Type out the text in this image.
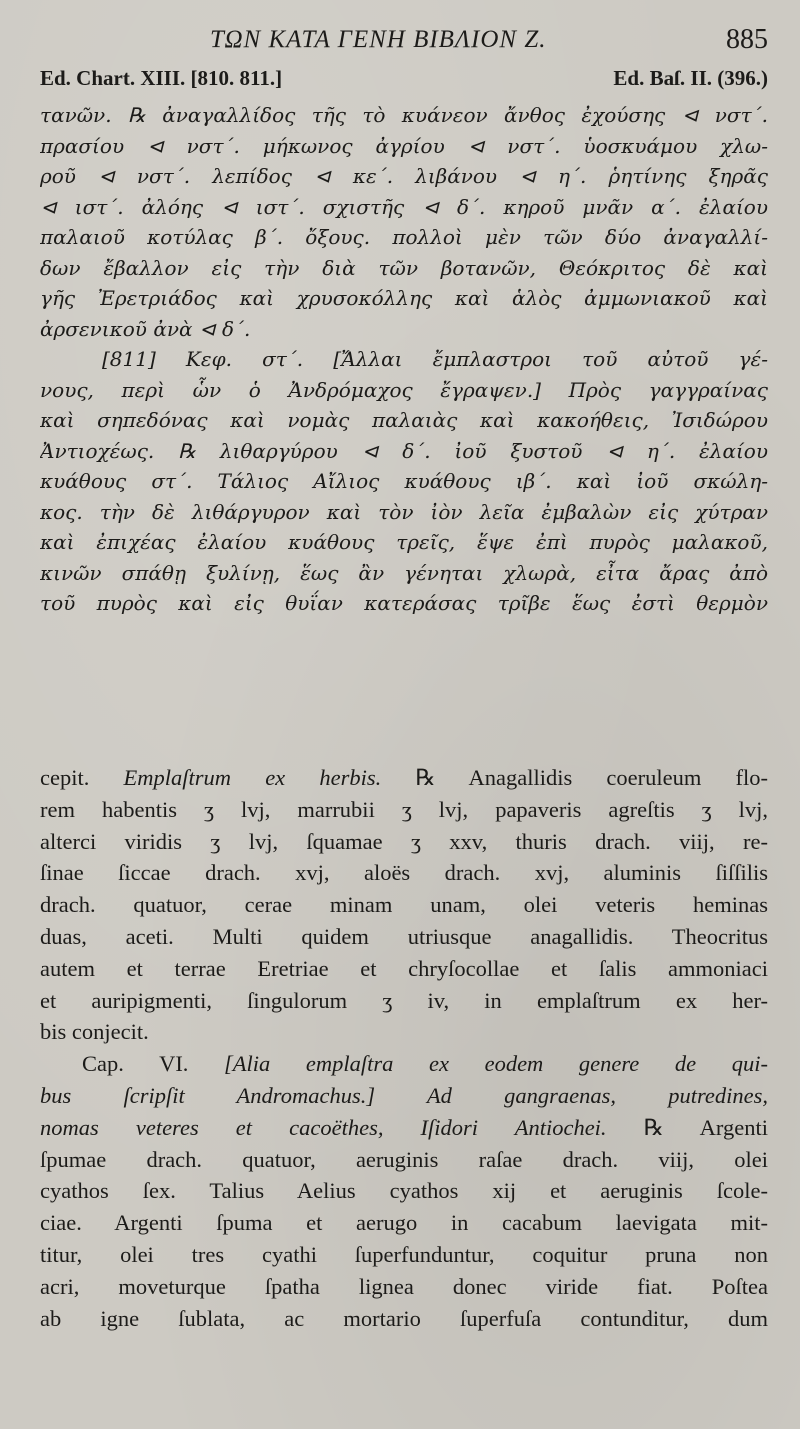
ΤΩΝ ΚΑΤΑ ΓΕΝΗ ΒΙΒΛΙΟΝ Ζ.	885
Ed. Chart. XIII. [810. 811.]	Ed. Baſ. II. (396.)
τανῶν. ℞ ἀναγαλλίδος τῆς τὸ κυάνεον ἄνθος ἐχούσης ⊲ νστ΄.
πρασίου ⊲ νστ΄. μήκωνος ἀγρίου ⊲ νστ΄. ὑοσκυάμου χλω-
ροῦ ⊲ νστ΄. λεπίδος ⊲ κε΄. λιβάνου ⊲ η΄. ῥητίνης ξηρᾶς
⊲ ιστ΄. ἀλόης ⊲ ιστ΄. σχιστῆς ⊲ δ΄. κηροῦ μνᾶν α΄. ἐλαίου
παλαιοῦ κοτύλας β΄. ὄξους. πολλοὶ μὲν τῶν δύο ἀναγαλλί-
δων ἔβαλλον εἰς τὴν διὰ τῶν βοτανῶν, Θεόκριτος δὲ καὶ
γῆς Ἐρετριάδος καὶ χρυσοκόλλης καὶ ἁλὸς ἀμμωνιακοῦ καὶ
ἀρσενικοῦ ἀνὰ ⊲ δ΄.
[811] Κεφ. στ΄. [Ἄλλαι ἔμπλαστροι τοῦ αὐτοῦ γέ-
νους, περὶ ὧν ὁ Ἀνδρόμαχος ἔγραψεν.] Πρὸς γαγγραίνας
καὶ σηπεδόνας καὶ νομὰς παλαιὰς καὶ κακοήθεις, Ἰσιδώρου
Ἀντιοχέως. ℞ λιθαργύρου ⊲ δ΄. ἰοῦ ξυστοῦ ⊲ η΄. ἐλαίου
κυάθους στ΄. Τάλιος Αἴλιος κυάθους ιβ΄. καὶ ἰοῦ σκώλη-
κος. τὴν δὲ λιθάργυρον καὶ τὸν ἰὸν λεῖα ἐμβαλὼν εἰς χύτραν
καὶ ἐπιχέας ἐλαίου κυάθους τρεῖς, ἕψε ἐπὶ πυρὸς μαλακοῦ,
κινῶν σπάθῃ ξυλίνῃ, ἕως ἂν γένηται χλωρὰ, εἶτα ἄρας ἀπὸ
τοῦ πυρὸς καὶ εἰς θυΐαν κατεράσας τρῖβε ἕως ἐστὶ θερμὸν
cepit. Emplaſtrum ex herbis. ℞ Anagallidis coeruleum flo-
rem habentis ʒ lvj, marrubii ʒ lvj, papaveris agreſtis ʒ lvj,
alterci viridis ʒ lvj, ſquamae ʒ xxv, thuris drach. viij, re-
ſinae ſiccae drach. xvj, aloës drach. xvj, aluminis ſiſſilis
drach. quatuor, cerae minam unam, olei veteris heminas
duas, aceti. Multi quidem utriusque anagallidis. Theocritus
autem et terrae Eretriae et chryſocollae et ſalis ammoniaci
et auripigmenti, ſingulorum ʒ iv, in emplaſtrum ex her-
bis conjecit.
Cap. VI. [Alia emplaſtra ex eodem genere de qui-
bus ſcripſit Andromachus.] Ad gangraenas, putredines,
nomas veteres et cacoëthes, Iſidori Antiochei. ℞ Argenti
ſpumae drach. quatuor, aeruginis raſae drach. viij, olei
cyathos ſex. Talius Aelius cyathos xij et aeruginis ſcole-
ciae. Argenti ſpuma et aerugo in cacabum laevigata mit-
titur, olei tres cyathi ſuperfunduntur, coquitur pruna non
acri, moveturque ſpatha lignea donec viride fiat. Poſtea
ab igne ſublata, ac mortario ſuperfuſa contunditur, dum
